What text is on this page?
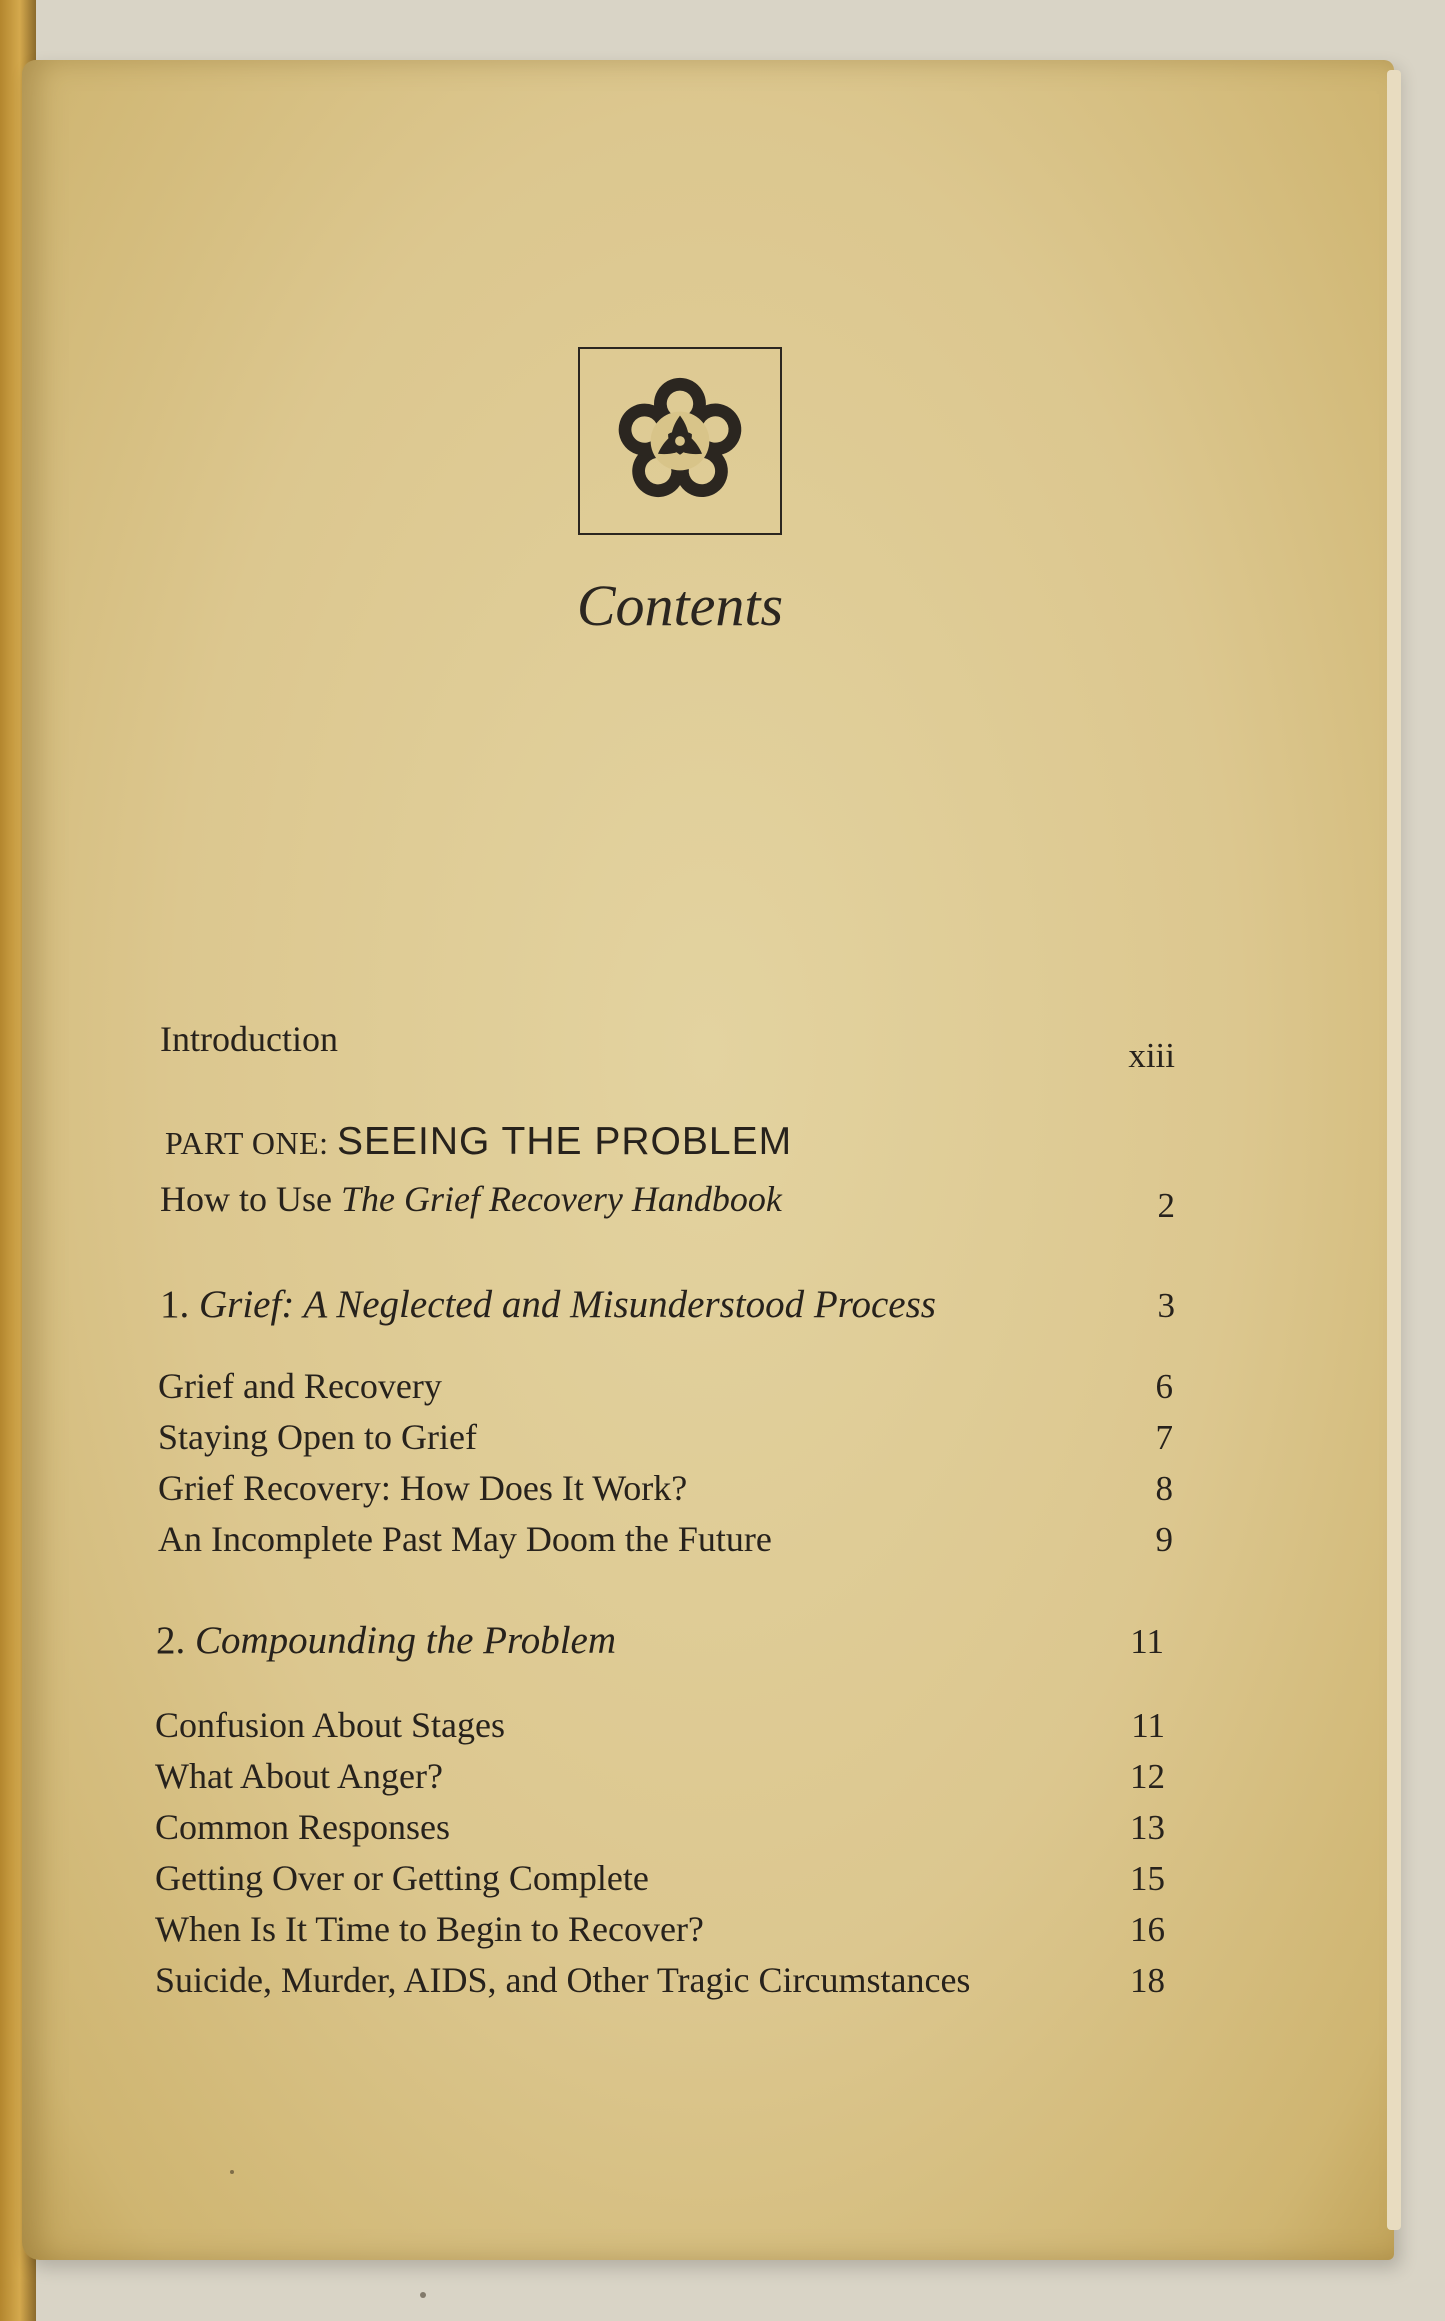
Contents
Introduction	xiii
PART ONE: SEEING THE PROBLEM
How to Use The Grief Recovery Handbook	2
1. Grief: A Neglected and Misunderstood Process	3
Grief and Recovery	6
Staying Open to Grief	7
Grief Recovery: How Does It Work?	8
An Incomplete Past May Doom the Future	9
2. Compounding the Problem	11
Confusion About Stages	11
What About Anger?	12
Common Responses	13
Getting Over or Getting Complete	15
When Is It Time to Begin to Recover?	16
Suicide, Murder, AIDS, and Other Tragic Circumstances	18
